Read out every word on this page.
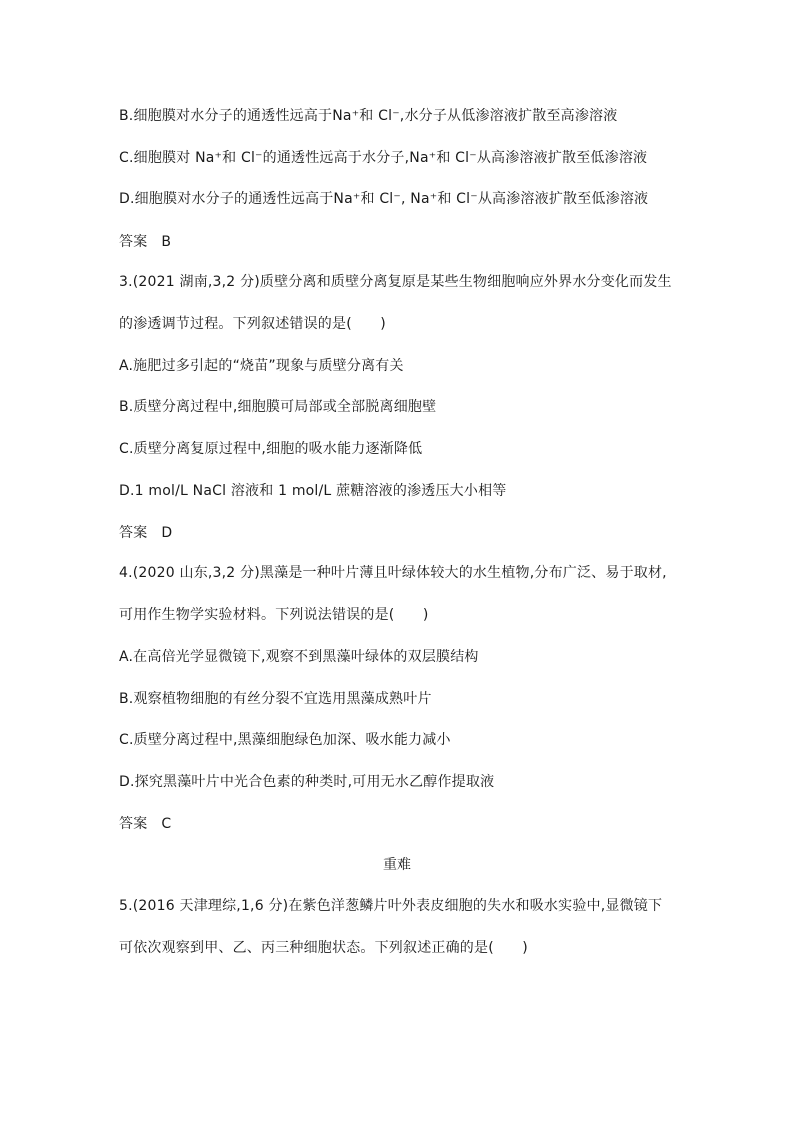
B.细胞膜对水分子的通透性远高于Na⁺和 Cl⁻,水分子从低渗溶液扩散至高渗溶液
C.细胞膜对 Na⁺和 Cl⁻的通透性远高于水分子,Na⁺和 Cl⁻从高渗溶液扩散至低渗溶液
D.细胞膜对水分子的通透性远高于Na⁺和 Cl⁻, Na⁺和 Cl⁻从高渗溶液扩散至低渗溶液
答案 B
3.(2021 湖南,3,2 分)质壁分离和质壁分离复原是某些生物细胞响应外界水分变化而发生
的渗透调节过程。下列叙述错误的是(　　)
A.施肥过多引起的“烧苗”现象与质壁分离有关
B.质壁分离过程中,细胞膜可局部或全部脱离细胞壁
C.质壁分离复原过程中,细胞的吸水能力逐渐降低
D.1 mol/L NaCl 溶液和 1 mol/L 蔗糖溶液的渗透压大小相等
答案 D
4.(2020 山东,3,2 分)黑藻是一种叶片薄且叶绿体较大的水生植物,分布广泛、易于取材,
可用作生物学实验材料。下列说法错误的是(　　)
A.在高倍光学显微镜下,观察不到黑藻叶绿体的双层膜结构
B.观察植物细胞的有丝分裂不宜选用黑藻成熟叶片
C.质壁分离过程中,黑藻细胞绿色加深、吸水能力减小
D.探究黑藻叶片中光合色素的种类时,可用无水乙醇作提取液
答案 C
重难
5.(2016 天津理综,1,6 分)在紫色洋葱鳞片叶外表皮细胞的失水和吸水实验中,显微镜下
可依次观察到甲、乙、丙三种细胞状态。下列叙述正确的是(　　)
